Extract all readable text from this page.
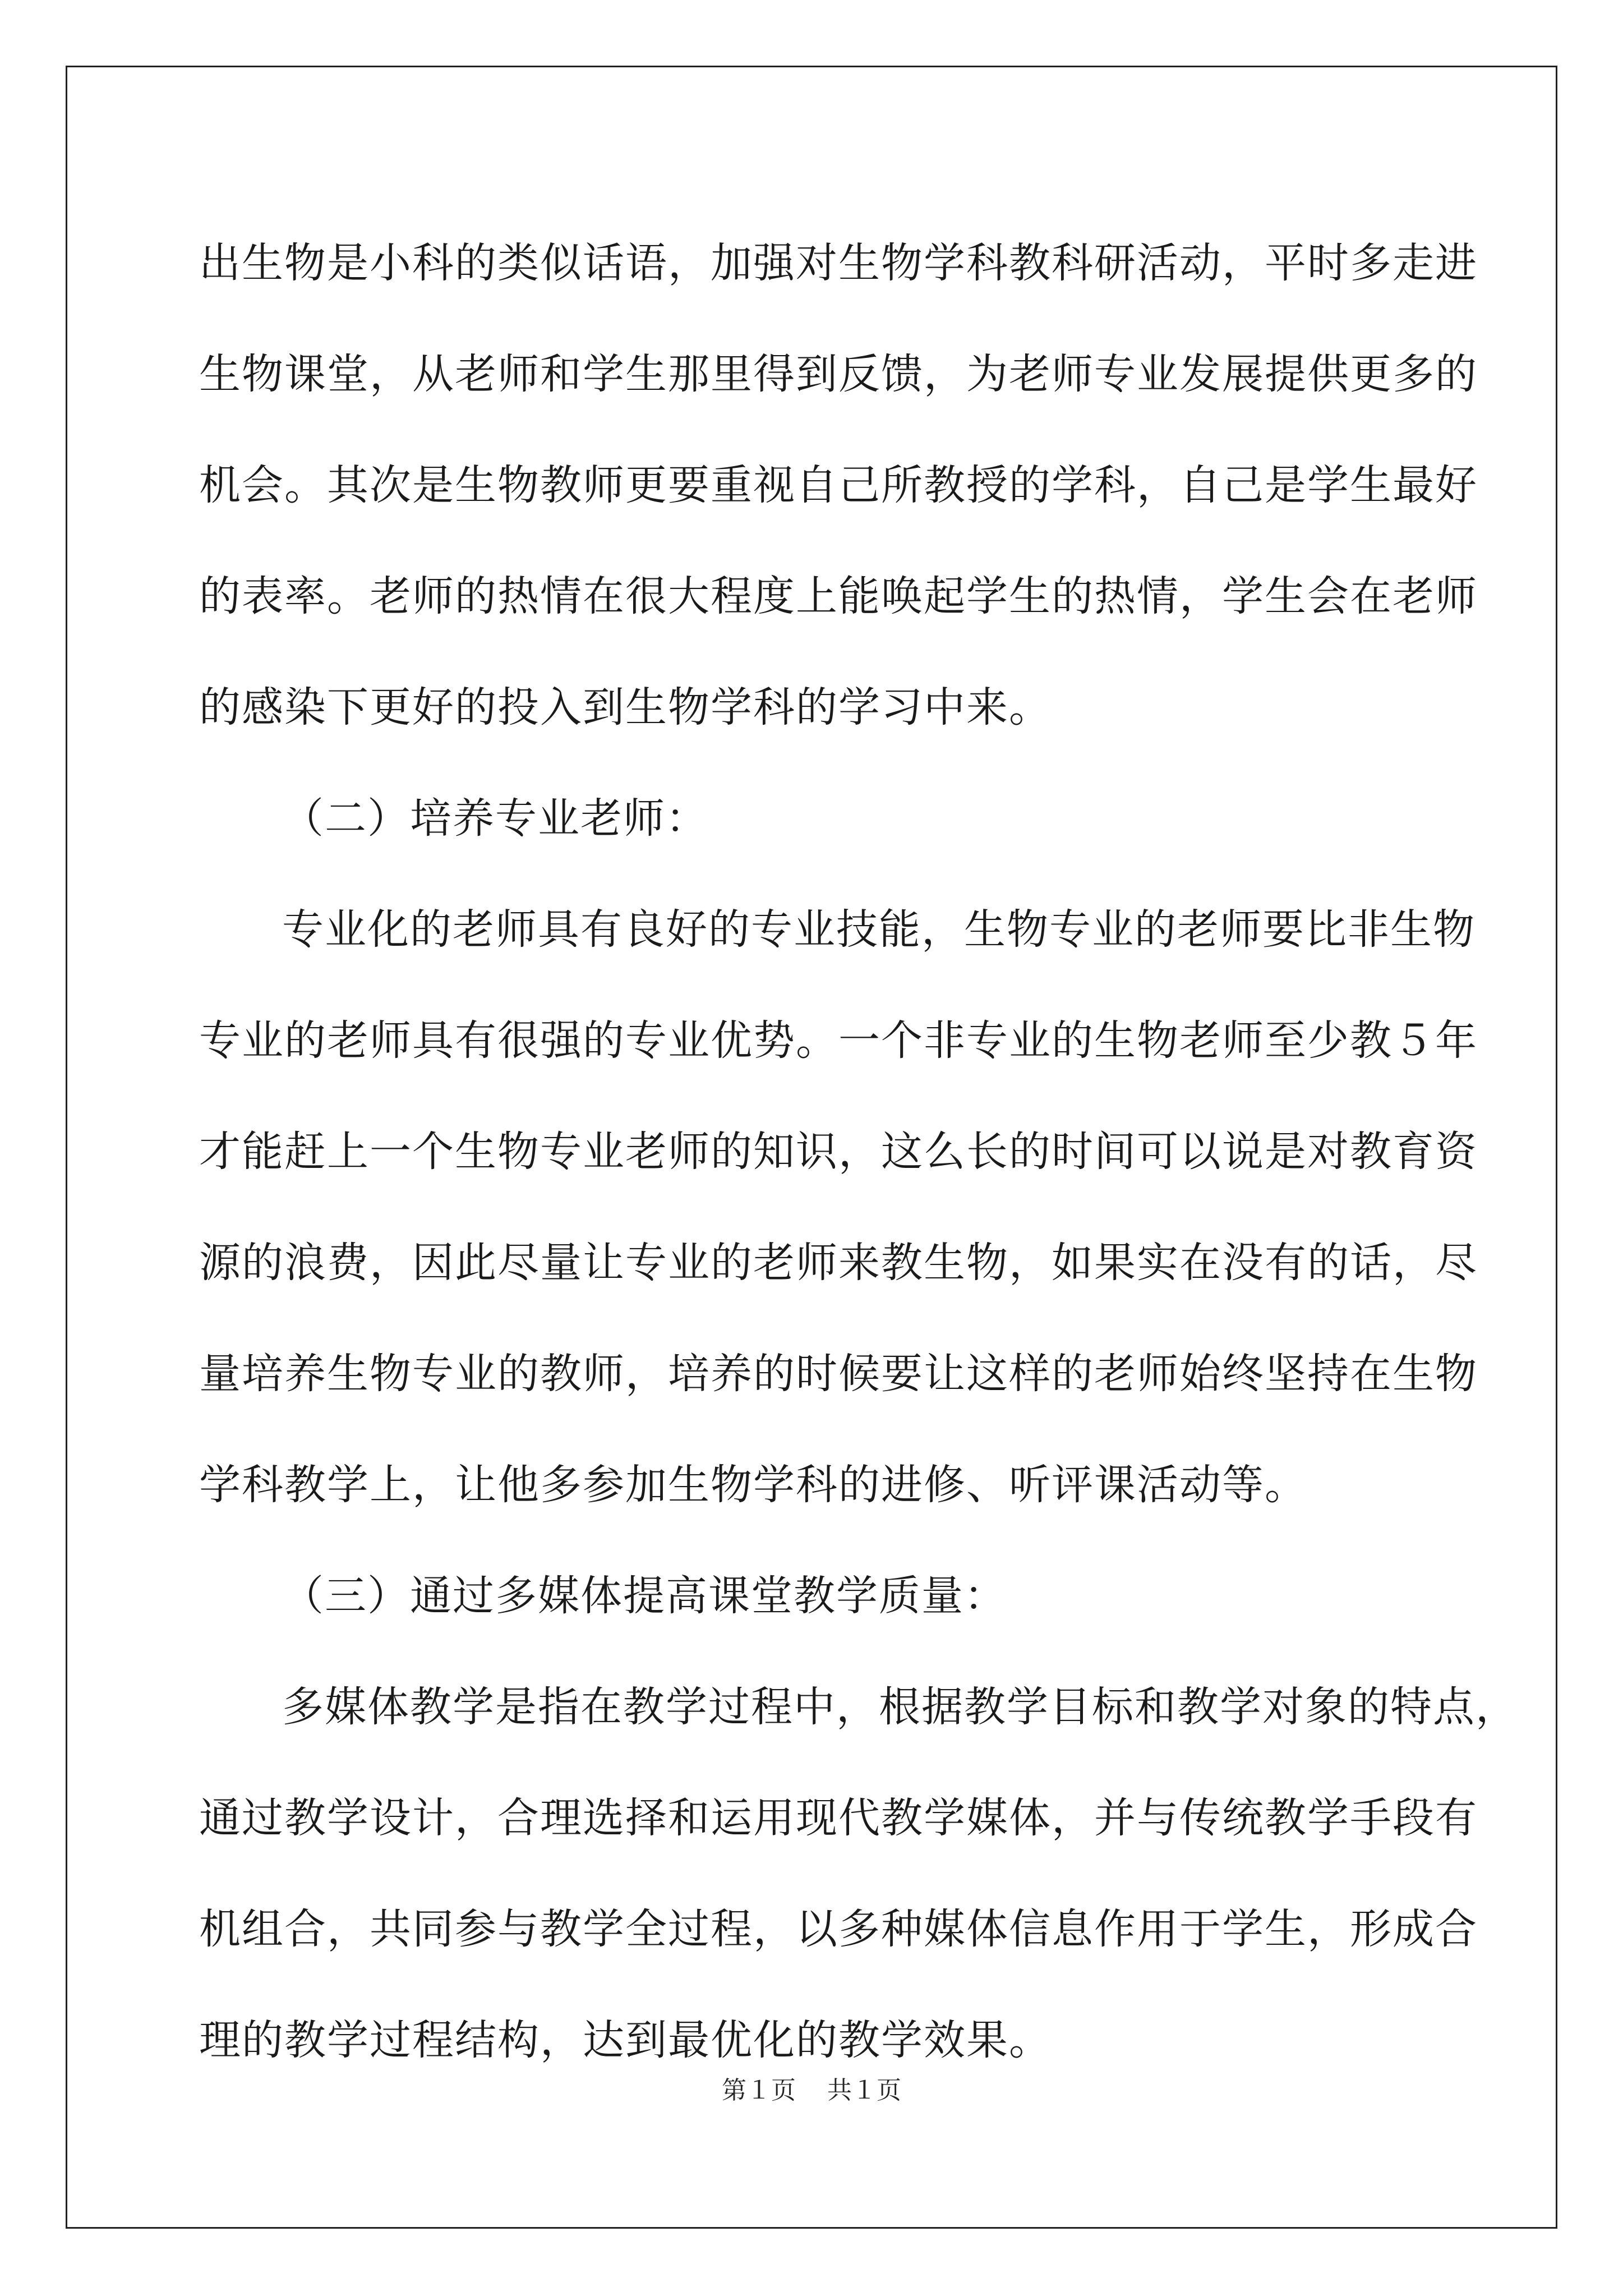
出生物是小科的类似话语，加强对生物学科教科研活动，平时多走进
生物课堂，从老师和学生那里得到反馈，为老师专业发展提供更多的
机会。其次是生物教师更要重视自己所教授的学科，自己是学生最好
的表率。老师的热情在很大程度上能唤起学生的热情，学生会在老师
的感染下更好的投入到生物学科的学习中来。
（二）培养专业老师：
专业化的老师具有良好的专业技能，生物专业的老师要比非生物
专业的老师具有很强的专业优势。一个非专业的生物老师至少教５年
才能赶上一个生物专业老师的知识，这么长的时间可以说是对教育资
源的浪费，因此尽量让专业的老师来教生物，如果实在没有的话，尽
量培养生物专业的教师，培养的时候要让这样的老师始终坚持在生物
学科教学上，让他多参加生物学科的进修、听评课活动等。
（三）通过多媒体提高课堂教学质量：
多媒体教学是指在教学过程中，根据教学目标和教学对象的特点，
通过教学设计，合理选择和运用现代教学媒体，并与传统教学手段有
机组合，共同参与教学全过程，以多种媒体信息作用于学生，形成合
理的教学过程结构，达到最优化的教学效果。
第１页 共１页
